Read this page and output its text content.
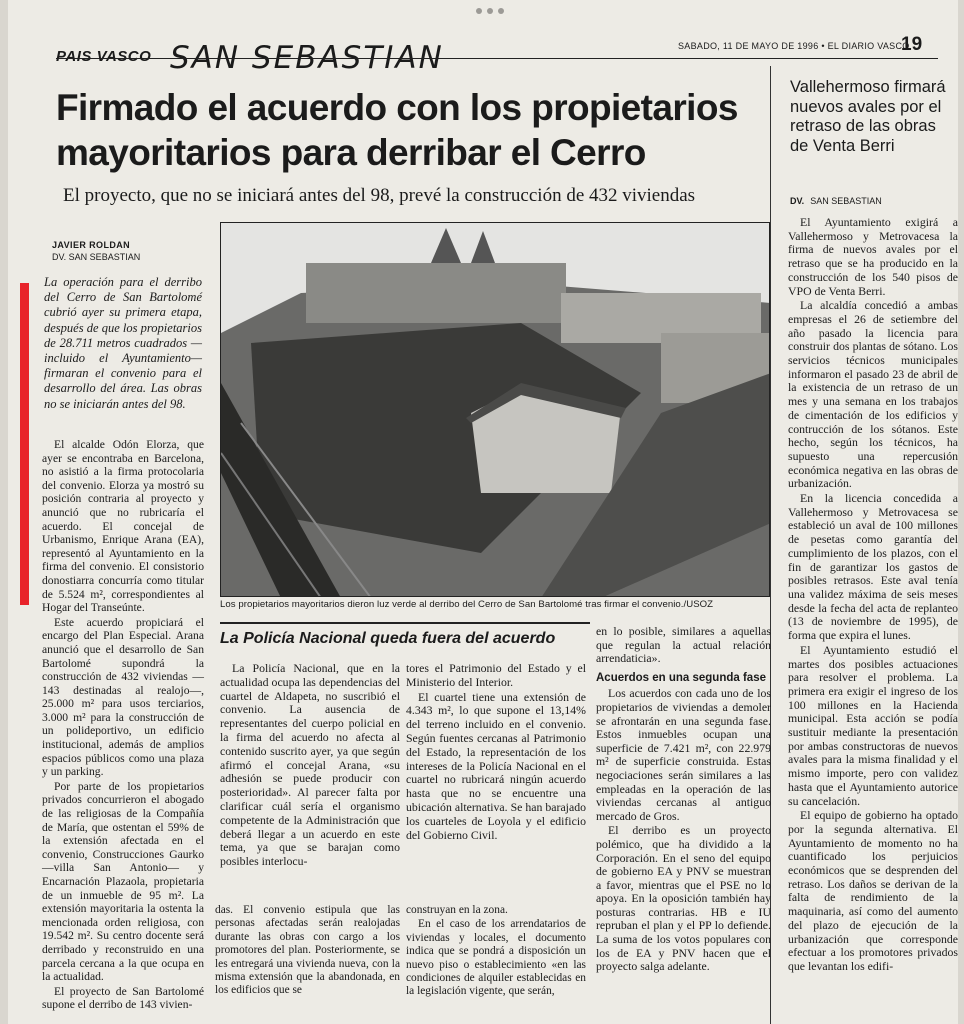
PAIS VASCO SAN SEBASTIAN	SABADO, 11 DE MAYO DE 1996 • EL DIARIO VASCO
19
Firmado el acuerdo con los propietarios
mayoritarios para derribar el Cerro
El proyecto, que no se iniciará antes del 98, prevé la construcción de 432 viviendas
JAVIER ROLDAN
DV. SAN SEBASTIAN
La operación para el derribo del Cerro de San Bartolomé cubrió ayer su primera etapa, después de que los propietarios de 28.711 metros cuadrados —incluido el Ayuntamiento— firmaran el convenio para el desarrollo del área. Las obras no se iniciarán antes del 98.

El alcalde Odón Elorza, que ayer se encontraba en Barcelona, no asistió a la firma protocolaria del convenio. Elorza ya mostró su posición contraria al proyecto y anunció que no rubricaría el acuerdo. El concejal de Urbanismo, Enrique Arana (EA), representó al Ayuntamiento en la firma del convenio. El consistorio donostiarra concurría como titular de 5.524 m², correspondientes al Hogar del Transeúnte.

Este acuerdo propiciará el encargo del Plan Especial. Arana anunció que el desarrollo de San Bartolomé supondrá la construcción de 432 viviendas —143 destinadas al realojo—, 25.000 m² para usos terciarios, 3.000 m² para la construcción de un polideportivo, un edificio institucional, además de amplios espacios públicos como una plaza y un parking.

Por parte de los propietarios privados concurrieron el abogado de las religiosas de la Compañía de María, que ostentan el 59% de la extensión afectada en el convenio, Construcciones Gaurko —villa San Antonio— y Encarnación Plazaola, propietaria de un inmueble de 95 m². La extensión mayoritaria la ostenta la mencionada orden religiosa, con 19.542 m². Su centro docente será derribado y reconstruido en una parcela cercana a la que ocupa en la actualidad.

El proyecto de San Bartolomé supone el derribo de 143 vivien-

Los propietarios mayoritarios dieron luz verde al derribo del Cerro de San Bartolomé tras firmar el convenio./USOZ
La Policía Nacional queda fuera del acuerdo

La Policía Nacional, que en la actualidad ocupa las dependencias del cuartel de Aldapeta, no suscribió el convenio. La ausencia de representantes del cuerpo policial en la firma del acuerdo no afecta al contenido suscrito ayer, ya que según afirmó el concejal Arana, «su adhesión se puede producir con posterioridad». Al parecer falta por clarificar cuál sería el organismo competente de la Administración que deberá llegar a un acuerdo en este tema, ya que se barajan como posibles interlocu-

tores el Patrimonio del Estado y el Ministerio del Interior.

El cuartel tiene una extensión de 4.343 m², lo que supone el 13,14% del terreno incluido en el convenio. Según fuentes cercanas al Patrimonio del Estado, la representación de los intereses de la Policía Nacional en el cuartel no rubricará ningún acuerdo hasta que no se encuentre una ubicación alternativa. Se han barajado los cuarteles de Loyola y el edificio del Gobierno Civil.

das. El convenio estipula que las personas afectadas serán realojadas durante las obras con cargo a los promotores del plan. Posteriormente, se les entregará una vivienda nueva, con la misma extensión que la abandonada, en los edificios que se

construyan en la zona.

En el caso de los arrendatarios de viviendas y locales, el documento indica que se pondrá a disposición un nuevo piso o establecimiento «en las condiciones de alquiler establecidas en la legislación vigente, que serán,

en lo posible, similares a aquellas que regulan la actual relación arrendaticia».

Acuerdos en una segunda fase

Los acuerdos con cada uno de los propietarios de viviendas a demoler se afrontarán en una segunda fase. Estos inmuebles ocupan una superficie de 7.421 m², con 22.979 m² de superficie construida. Estas negociaciones serán similares a las empleadas en la operación de las viviendas cercanas al antiguo mercado de Gros.

El derribo es un proyecto polémico, que ha dividido a la Corporación. En el seno del equipo de gobierno EA y PNV se muestran a favor, mientras que el PSE no lo apoya. En la oposición también hay posturas contrarias. HB e IU repruban el plan y el PP lo defiende. La suma de los votos populares con los de EA y PNV hacen que el proyecto salga adelante.

Vallehermoso firmará nuevos avales por el retraso de las obras de Venta Berri
DV. SAN SEBASTIAN

El Ayuntamiento exigirá a Vallehermoso y Metrovacesa la firma de nuevos avales por el retraso que se ha producido en la construcción de los 540 pisos de VPO de Venta Berri.

La alcaldía concedió a ambas empresas el 26 de setiembre del año pasado la licencia para construir dos plantas de sótano. Los servicios técnicos municipales informaron el pasado 23 de abril de la existencia de un retraso de un mes y una semana en los trabajos de cimentación de los edificios y contrucción de los sótanos. Este hecho, según los técnicos, ha supuesto una repercusión económica negativa en las obras de urbanización.

En la licencia concedida a Vallehermoso y Metrovacesa se estableció un aval de 100 millones de pesetas como garantía del cumplimiento de los plazos, con el fin de garantizar los gastos de posibles retrasos. Este aval tenía una validez máxima de seis meses desde la fecha del acta de replanteo (13 de noviembre de 1995), de forma que expira el lunes.

El Ayuntamiento estudió el martes dos posibles actuaciones para resolver el problema. La primera era exigir el ingreso de los 100 millones en la Hacienda municipal. Esta acción se podía sustituir mediante la presentación por ambas constructoras de nuevos avales para la misma finalidad y el mismo importe, pero con validez hasta que el Ayuntamiento autorice su cancelación.

El equipo de gobierno ha optado por la segunda alternativa. El Ayuntamiento de momento no ha cuantificado los perjuicios económicos que se desprenden del retraso. Los daños se derivan de la falta de rendimiento de la maquinaria, así como del aumento del plazo de ejecución de la urbanización que corresponde efectuar a los promotores privados que levantan los edifi-
